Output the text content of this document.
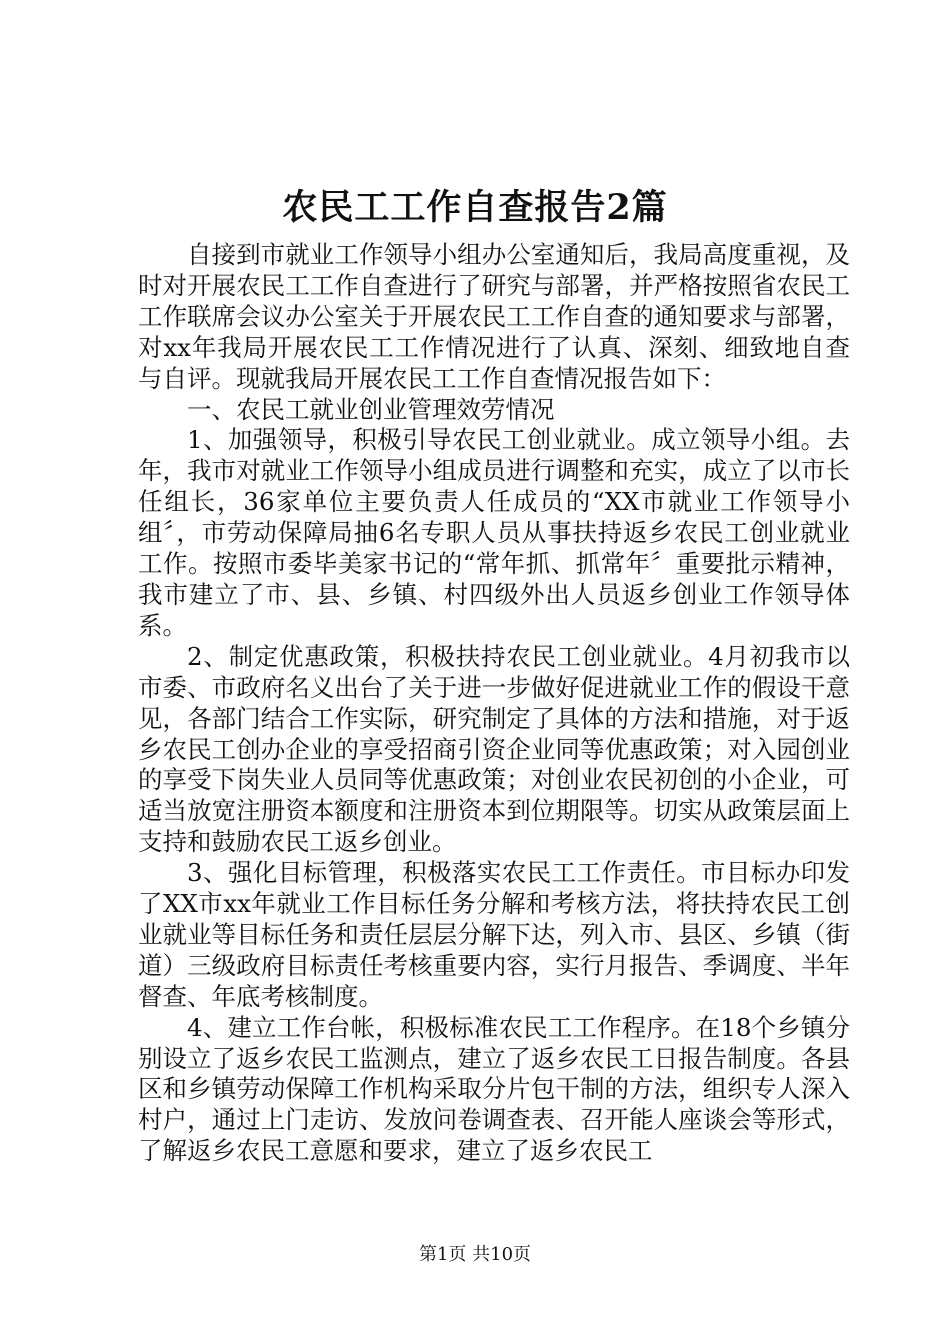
农民工工作自查报告2篇

自接到市就业工作领导小组办公室通知后，我局高度重视，及时对开展农民工工作自查进行了研究与部署，并严格按照省农民工工作联席会议办公室关于开展农民工工作自查的通知要求与部署，对xx年我局开展农民工工作情况进行了认真、深刻、细致地自查与自评。现就我局开展农民工工作自查情况报告如下：

一、农民工就业创业管理效劳情况

1、加强领导，积极引导农民工创业就业。成立领导小组。去年，我市对就业工作领导小组成员进行调整和充实，成立了以市长任组长，36家单位主要负责人任成员的“XX市就业工作领导小组〞，市劳动保障局抽6名专职人员从事扶持返乡农民工创业就业工作。按照市委毕美家书记的“常年抓、抓常年〞重要批示精神，我市建立了市、县、乡镇、村四级外出人员返乡创业工作领导体系。

2、制定优惠政策，积极扶持农民工创业就业。4月初我市以市委、市政府名义出台了关于进一步做好促进就业工作的假设干意见，各部门结合工作实际，研究制定了具体的方法和措施，对于返乡农民工创办企业的享受招商引资企业同等优惠政策；对入园创业的享受下岗失业人员同等优惠政策；对创业农民初创的小企业，可适当放宽注册资本额度和注册资本到位期限等。切实从政策层面上支持和鼓励农民工返乡创业。

3、强化目标管理，积极落实农民工工作责任。市目标办印发了XX市xx年就业工作目标任务分解和考核方法，将扶持农民工创业就业等目标任务和责任层层分解下达，列入市、县区、乡镇（街道）三级政府目标责任考核重要内容，实行月报告、季调度、半年督查、年底考核制度。

4、建立工作台帐，积极标准农民工工作程序。在18个乡镇分别设立了返乡农民工监测点，建立了返乡农民工日报告制度。各县区和乡镇劳动保障工作机构采取分片包干制的方法，组织专人深入村户，通过上门走访、发放问卷调查表、召开能人座谈会等形式，了解返乡农民工意愿和要求，建立了返乡农民工

第1页 共10页
